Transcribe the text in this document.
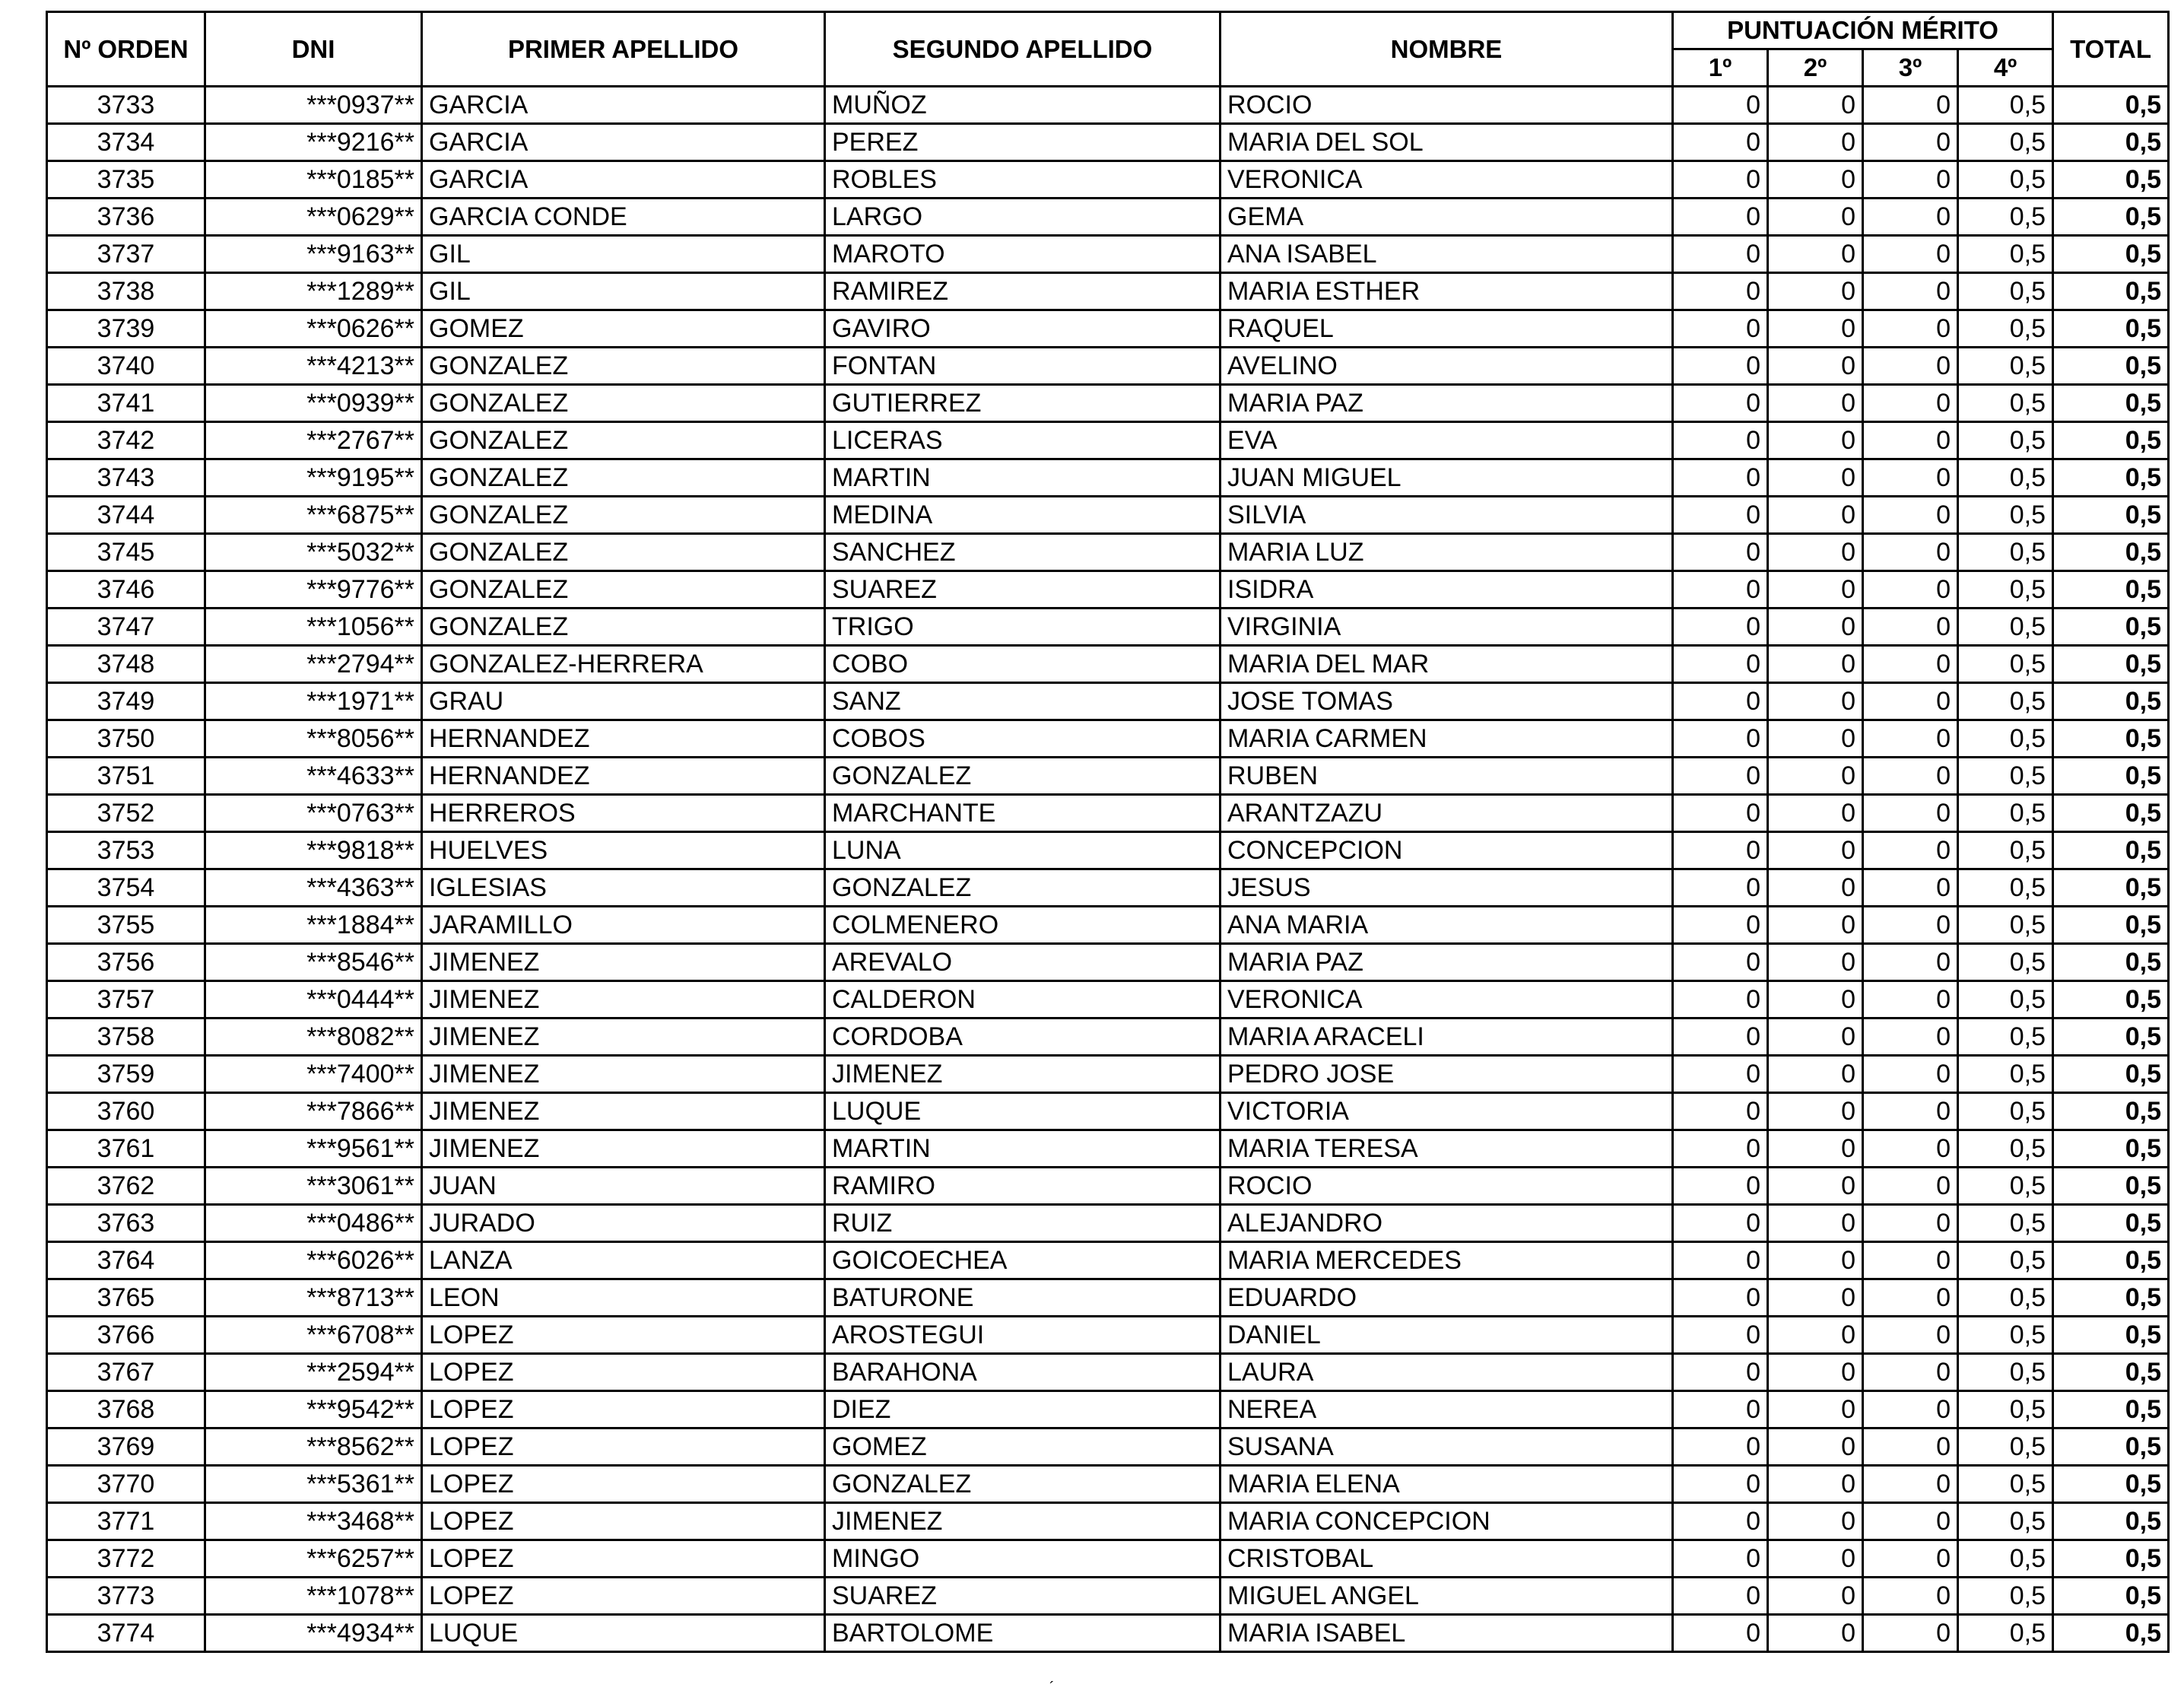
Nº ORDEN	DNI	PRIMER APELLIDO	SEGUNDO APELLIDO	NOMBRE	PUNTUACIÓN MÉRITO				TOTAL
					1º	2º	3º	4º	
3733	***0937**	GARCIA	MUÑOZ	ROCIO	0	0	0	0,5	0,5
3734	***9216**	GARCIA	PEREZ	MARIA DEL SOL	0	0	0	0,5	0,5
3735	***0185**	GARCIA	ROBLES	VERONICA	0	0	0	0,5	0,5
3736	***0629**	GARCIA CONDE	LARGO	GEMA	0	0	0	0,5	0,5
3737	***9163**	GIL	MAROTO	ANA ISABEL	0	0	0	0,5	0,5
3738	***1289**	GIL	RAMIREZ	MARIA ESTHER	0	0	0	0,5	0,5
3739	***0626**	GOMEZ	GAVIRO	RAQUEL	0	0	0	0,5	0,5
3740	***4213**	GONZALEZ	FONTAN	AVELINO	0	0	0	0,5	0,5
3741	***0939**	GONZALEZ	GUTIERREZ	MARIA PAZ	0	0	0	0,5	0,5
3742	***2767**	GONZALEZ	LICERAS	EVA	0	0	0	0,5	0,5
3743	***9195**	GONZALEZ	MARTIN	JUAN MIGUEL	0	0	0	0,5	0,5
3744	***6875**	GONZALEZ	MEDINA	SILVIA	0	0	0	0,5	0,5
3745	***5032**	GONZALEZ	SANCHEZ	MARIA LUZ	0	0	0	0,5	0,5
3746	***9776**	GONZALEZ	SUAREZ	ISIDRA	0	0	0	0,5	0,5
3747	***1056**	GONZALEZ	TRIGO	VIRGINIA	0	0	0	0,5	0,5
3748	***2794**	GONZALEZ-HERRERA	COBO	MARIA DEL MAR	0	0	0	0,5	0,5
3749	***1971**	GRAU	SANZ	JOSE TOMAS	0	0	0	0,5	0,5
3750	***8056**	HERNANDEZ	COBOS	MARIA CARMEN	0	0	0	0,5	0,5
3751	***4633**	HERNANDEZ	GONZALEZ	RUBEN	0	0	0	0,5	0,5
3752	***0763**	HERREROS	MARCHANTE	ARANTZAZU	0	0	0	0,5	0,5
3753	***9818**	HUELVES	LUNA	CONCEPCION	0	0	0	0,5	0,5
3754	***4363**	IGLESIAS	GONZALEZ	JESUS	0	0	0	0,5	0,5
3755	***1884**	JARAMILLO	COLMENERO	ANA MARIA	0	0	0	0,5	0,5
3756	***8546**	JIMENEZ	AREVALO	MARIA PAZ	0	0	0	0,5	0,5
3757	***0444**	JIMENEZ	CALDERON	VERONICA	0	0	0	0,5	0,5
3758	***8082**	JIMENEZ	CORDOBA	MARIA ARACELI	0	0	0	0,5	0,5
3759	***7400**	JIMENEZ	JIMENEZ	PEDRO JOSE	0	0	0	0,5	0,5
3760	***7866**	JIMENEZ	LUQUE	VICTORIA	0	0	0	0,5	0,5
3761	***9561**	JIMENEZ	MARTIN	MARIA TERESA	0	0	0	0,5	0,5
3762	***3061**	JUAN	RAMIRO	ROCIO	0	0	0	0,5	0,5
3763	***0486**	JURADO	RUIZ	ALEJANDRO	0	0	0	0,5	0,5
3764	***6026**	LANZA	GOICOECHEA	MARIA MERCEDES	0	0	0	0,5	0,5
3765	***8713**	LEON	BATURONE	EDUARDO	0	0	0	0,5	0,5
3766	***6708**	LOPEZ	AROSTEGUI	DANIEL	0	0	0	0,5	0,5
3767	***2594**	LOPEZ	BARAHONA	LAURA	0	0	0	0,5	0,5
3768	***9542**	LOPEZ	DIEZ	NEREA	0	0	0	0,5	0,5
3769	***8562**	LOPEZ	GOMEZ	SUSANA	0	0	0	0,5	0,5
3770	***5361**	LOPEZ	GONZALEZ	MARIA ELENA	0	0	0	0,5	0,5
3771	***3468**	LOPEZ	JIMENEZ	MARIA CONCEPCION	0	0	0	0,5	0,5
3772	***6257**	LOPEZ	MINGO	CRISTOBAL	0	0	0	0,5	0,5
3773	***1078**	LOPEZ	SUAREZ	MIGUEL ANGEL	0	0	0	0,5	0,5
3774	***4934**	LUQUE	BARTOLOME	MARIA ISABEL	0	0	0	0,5	0,5
´
